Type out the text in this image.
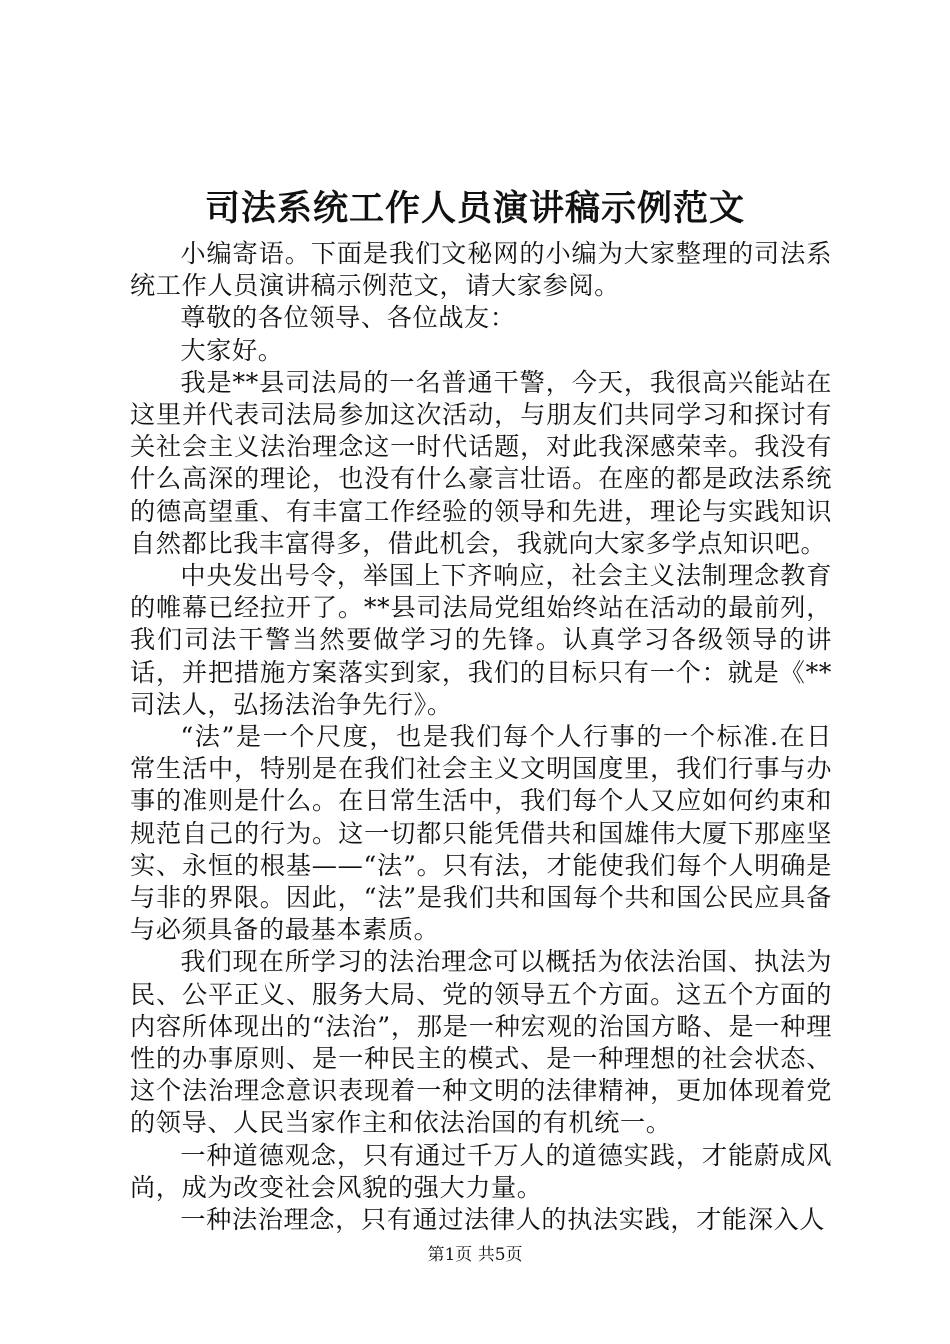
司法系统工作人员演讲稿示例范文

小编寄语。下面是我们文秘网的小编为大家整理的司法系统工作人员演讲稿示例范文，请大家参阅。

尊敬的各位领导、各位战友：

大家好。

我是**县司法局的一名普通干警，今天，我很高兴能站在这里并代表司法局参加这次活动，与朋友们共同学习和探讨有关社会主义法治理念这一时代话题，对此我深感荣幸。我没有什么高深的理论，也没有什么豪言壮语。在座的都是政法系统的德高望重、有丰富工作经验的领导和先进，理论与实践知识自然都比我丰富得多，借此机会，我就向大家多学点知识吧。

中央发出号令，举国上下齐响应，社会主义法制理念教育的帷幕已经拉开了。**县司法局党组始终站在活动的最前列，我们司法干警当然要做学习的先锋。认真学习各级领导的讲话，并把措施方案落实到家，我们的目标只有一个：就是《**司法人，弘扬法治争先行》。

“法”是一个尺度，也是我们每个人行事的一个标准.在日常生活中，特别是在我们社会主义文明国度里，我们行事与办事的准则是什么。在日常生活中，我们每个人又应如何约束和规范自己的行为。这一切都只能凭借共和国雄伟大厦下那座坚实、永恒的根基——“法”。只有法，才能使我们每个人明确是与非的界限。因此，“法”是我们共和国每个共和国公民应具备与必须具备的最基本素质。

我们现在所学习的法治理念可以概括为依法治国、执法为民、公平正义、服务大局、党的领导五个方面。这五个方面的内容所体现出的“法治”，那是一种宏观的治国方略、是一种理性的办事原则、是一种民主的模式、是一种理想的社会状态、这个法治理念意识表现着一种文明的法律精神，更加体现着党的领导、人民当家作主和依法治国的有机统一。

一种道德观念，只有通过千万人的道德实践，才能蔚成风尚，成为改变社会风貌的强大力量。

一种法治理念，只有通过法律人的执法实践，才能深入人

第1页 共5页
